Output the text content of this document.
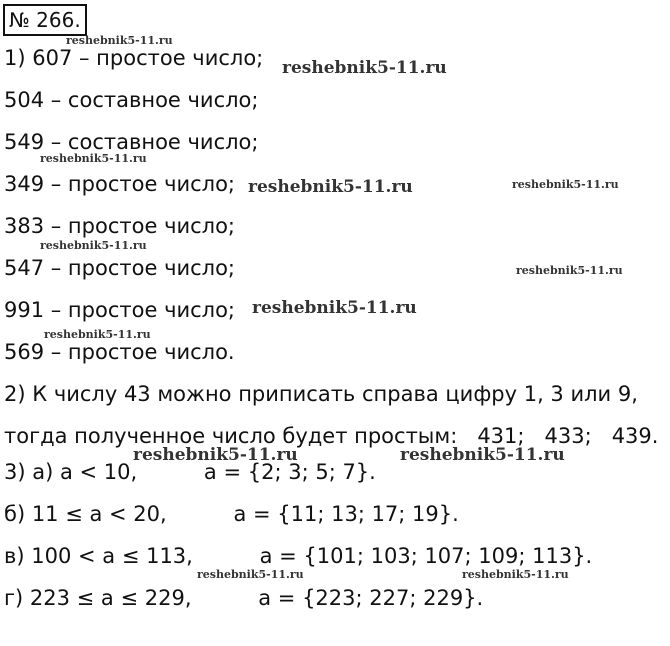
№ 266.
1) 607 – простое число;
504 – составное число;
549 – составное число;
349 – простое число;
383 – простое число;
547 – простое число;
991 – простое число;
569 – простое число.
2) К числу 43 можно приписать справа цифру 1, 3 или 9,
тогда полученное число будет простым:   431;   433;   439.
3) а) a < 10,          a = {2; 3; 5; 7}.
б) 11 ≤ a < 20,          a = {11; 13; 17; 19}.
в) 100 < a ≤ 113,          a = {101; 103; 107; 109; 113}.
г) 223 ≤ a ≤ 229,          a = {223; 227; 229}.
reshebnik5-11.ru
reshebnik5-11.ru
reshebnik5-11.ru
reshebnik5-11.ru	reshebnik5-11.ru
reshebnik5-11.ru
reshebnik5-11.ru
reshebnik5-11.ru
reshebnik5-11.ru
reshebnik5-11.ru	reshebnik5-11.ru
reshebnik5-11.ru	reshebnik5-11.ru
